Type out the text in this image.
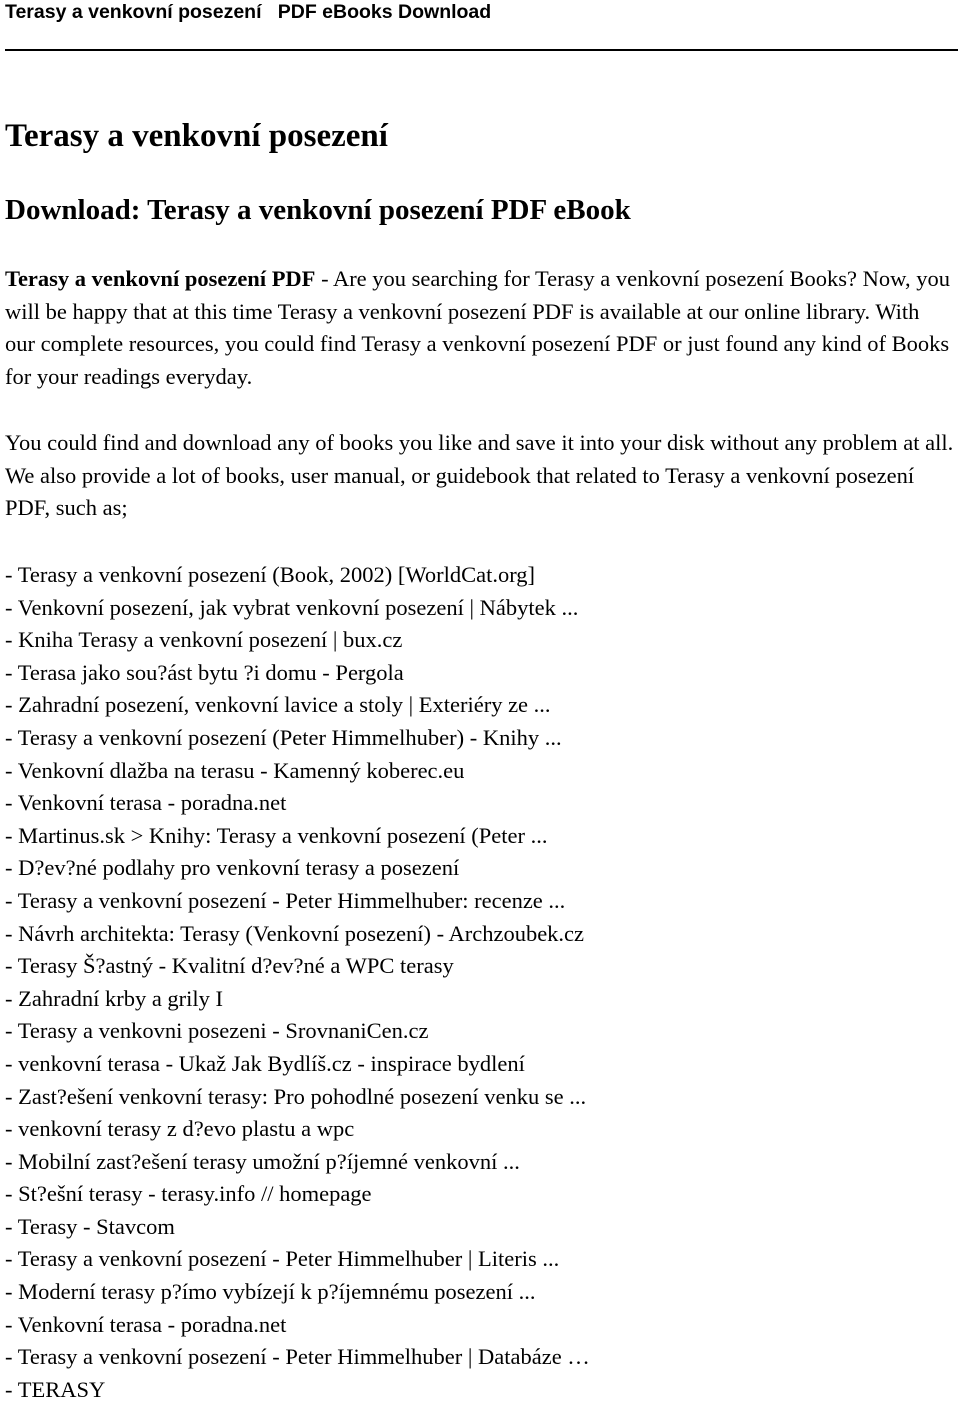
Terasy a venkovní posezení   PDF eBooks Download
Terasy a venkovní posezení
Download: Terasy a venkovní posezení PDF eBook

Terasy a venkovní posezení PDF - Are you searching for Terasy a venkovní posezení Books? Now, you will be happy that at this time Terasy a venkovní posezení PDF is available at our online library. With our complete resources, you could find Terasy a venkovní posezení PDF or just found any kind of Books for your readings everyday.

You could find and download any of books you like and save it into your disk without any problem at all. We also provide a lot of books, user manual, or guidebook that related to Terasy a venkovní posezení PDF, such as;

- Terasy a venkovní posezení (Book, 2002) [WorldCat.org]
- Venkovní posezení, jak vybrat venkovní posezení | Nábytek ...
- Kniha Terasy a venkovní posezení | bux.cz
- Terasa jako sou?ást bytu ?i domu - Pergola
- Zahradní posezení, venkovní lavice a stoly | Exteriéry ze ...
- Terasy a venkovní posezení (Peter Himmelhuber) - Knihy ...
- Venkovní dlažba na terasu - Kamenný koberec.eu
- Venkovní terasa - poradna.net
- Martinus.sk > Knihy: Terasy a venkovní posezení (Peter ...
- D?ev?né podlahy pro venkovní terasy a posezení
- Terasy a venkovní posezení - Peter Himmelhuber: recenze ...
- Návrh architekta: Terasy (Venkovní posezení) - Archzoubek.cz
- Terasy Š?astný - Kvalitní d?ev?né a WPC terasy
- Zahradní krby a grily I
- Terasy a venkovni posezeni - SrovnaniCen.cz
- venkovní terasa - Ukaž Jak Bydlíš.cz - inspirace bydlení
- Zast?ešení venkovní terasy: Pro pohodlné posezení venku se ...
- venkovní terasy z d?evo plastu a wpc
- Mobilní zast?ešení terasy umožní p?íjemné venkovní ...
- St?ešní terasy - terasy.info // homepage
- Terasy - Stavcom
- Terasy a venkovní posezení - Peter Himmelhuber | Literis ...
- Moderní terasy p?ímo vybízejí k p?íjemnému posezení ...
- Venkovní terasa - poradna.net
- Terasy a venkovní posezení - Peter Himmelhuber | Databáze …
- TERASY
